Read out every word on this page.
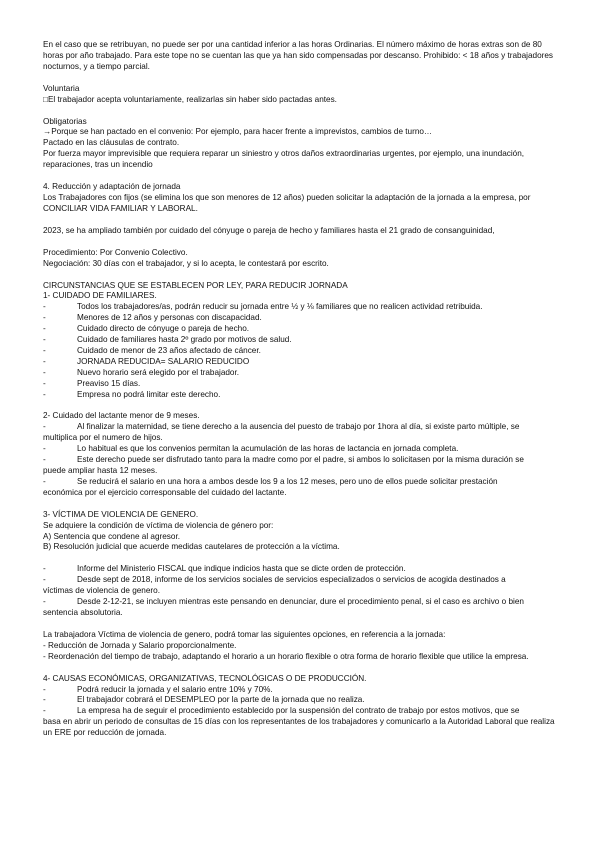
En el caso que se retribuyan, no puede ser por una cantidad inferior a las horas Ordinarias. El número máximo de horas extras son de 80 horas por año trabajado. Para este tope no se cuentan las que ya han sido compensadas por descanso. Prohibido: < 18 años y trabajadores nocturnos, y a tiempo parcial.

Voluntaria

□ El trabajador acepta voluntariamente, realizarlas sin haber sido pactadas antes.

Obligatorias

→ Porque se han pactado en el convenio: Por ejemplo, para hacer frente a imprevistos, cambios de turno…

Pactado en las cláusulas de contrato.

Por fuerza mayor imprevisible que requiera reparar un siniestro y otros daños extraordinarias urgentes, por ejemplo, una inundación, reparaciones, tras un incendio

4. Reducción y adaptación de jornada

Los Trabajadores con fijos (se elimina los que son menores de 12 años) pueden solicitar la adaptación de la jornada a la empresa, por CONCILIAR VIDA FAMILIAR Y LABORAL.

2023, se ha ampliado también por cuidado del cónyuge o pareja de hecho y familiares hasta el 21 grado de consanguinidad,

Procedimiento: Por Convenio Colectivo.

Negociación: 30 días con el trabajador, y si lo acepta, le contestará por escrito.

CIRCUNSTANCIAS QUE SE ESTABLECEN POR LEY, PARA REDUCIR JORNADA

1- CUIDADO DE FAMILIARES.

-	Todos los trabajadores/as, podrán reducir su jornada entre ½ y ⅛ familiares que no realicen actividad retribuida.
-	Menores de 12 años y personas con discapacidad.
-	Cuidado directo de cónyuge o pareja de hecho.
-	Cuidado de familiares hasta 2º grado por motivos de salud.
-	Cuidado de menor de 23 años afectado de cáncer.
-	JORNADA REDUCIDA= SALARIO REDUCIDO
-	Nuevo horario será elegido por el trabajador.
-	Preaviso 15 días.
-	Empresa no podrá limitar este derecho.

2- Cuidado del lactante menor de 9 meses.

-	Al finalizar la maternidad, se tiene derecho a la ausencia del puesto de trabajo por 1hora al día, si existe parto múltiple, se

multiplica por el numero de hijos.

-	Lo habitual es que los convenios permitan la acumulación de las horas de lactancia en jornada completa.
-	Este derecho puede ser disfrutado tanto para la madre como por el padre, si ambos lo solicitasen por la misma duración se

puede ampliar hasta 12 meses.

-	Se reducirá el salario en una hora a ambos desde los 9 a los 12 meses, pero uno de ellos puede solicitar prestación

económica por el ejercicio corresponsable del cuidado del lactante.

3- VÍCTIMA DE VIOLENCIA DE GENERO.

Se adquiere la condición de víctima de violencia de género por:

A) Sentencia que condene al agresor.

B) Resolución judicial que acuerde medidas cautelares de protección a la víctima.

-	Informe del Ministerio FISCAL que indique indicios hasta que se dicte orden de protección.
-	Desde sept de 2018, informe de los servicios sociales de servicios especializados o servicios de acogida destinados a

víctimas de violencia de genero.

-	Desde 2-12-21, se incluyen mientras este pensando en denunciar, dure el procedimiento penal, si el caso es archivo o bien

sentencia absolutoria.

La trabajadora Víctima de violencia de genero, podrá tomar las siguientes opciones, en referencia a la jornada:

- Reducción de Jornada y Salario proporcionalmente.

- Reordenación del tiempo de trabajo, adaptando el horario a un horario flexible o otra forma de horario flexible que utilice la empresa.

4- CAUSAS ECONÓMICAS, ORGANIZATIVAS, TECNOLÓGICAS O DE PRODUCCIÓN.

-	Podrá reducir la jornada y el salario entre 10% y 70%.
-	El trabajador cobrará el DESEMPLEO por la parte de la jornada que no realiza.
-	La empresa ha de seguir el procedimiento establecido por la suspensión del contrato de trabajo por estos motivos, que se

basa en abrir un periodo de consultas de 15 días con los representantes de los trabajadores y comunicarlo a la Autoridad Laboral que realiza un ERE por reducción de jornada.
